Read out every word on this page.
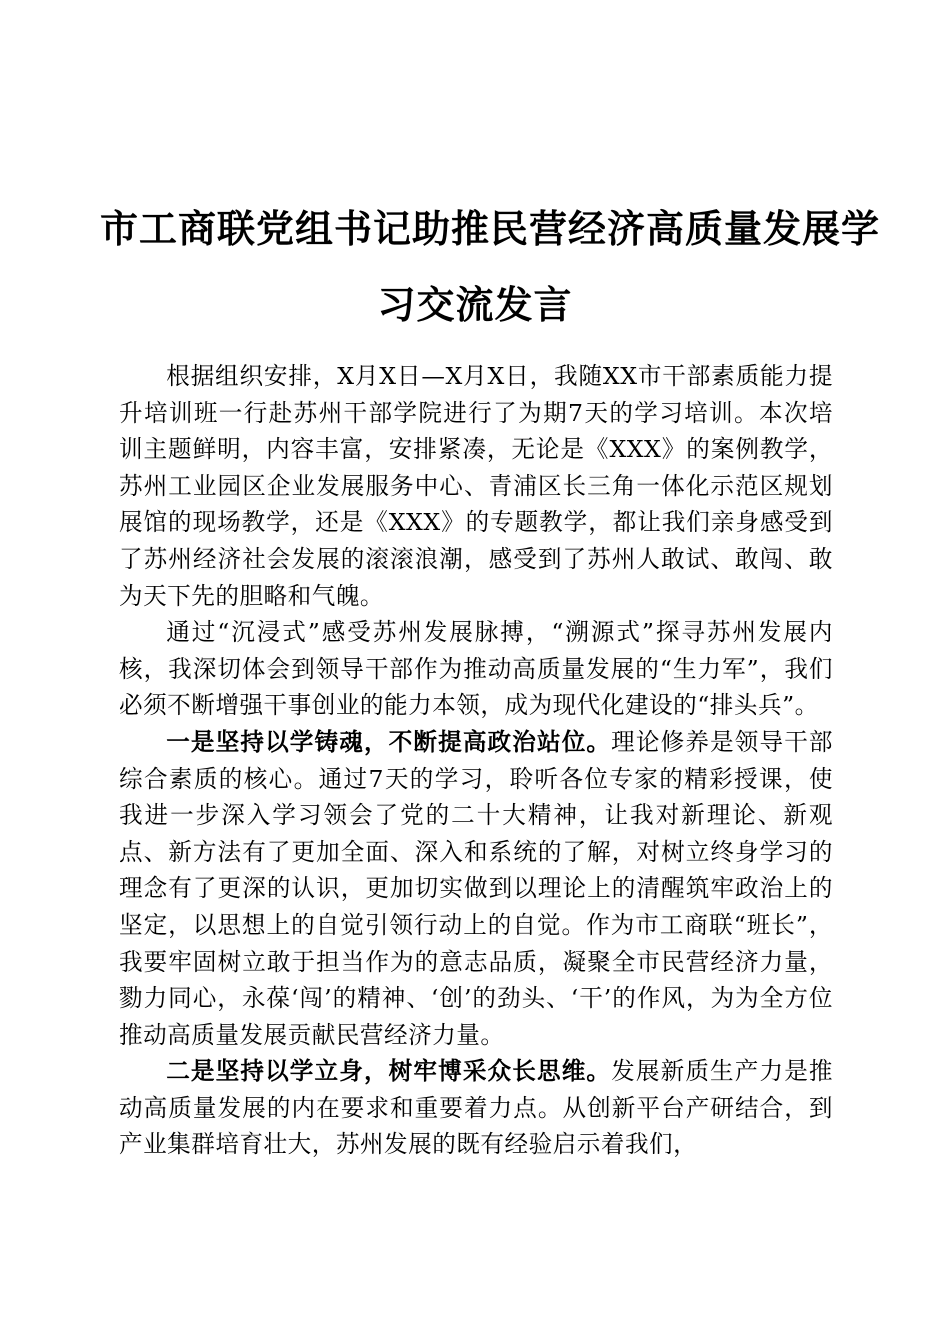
市工商联党组书记助推民营经济高质量发展学
习交流发言

根据组织安排，X月X日—X月X日，我随XX市干部素质能力提升培训班一行赴苏州干部学院进行了为期7天的学习培训。本次培训主题鲜明，内容丰富，安排紧凑，无论是《XXX》的案例教学，苏州工业园区企业发展服务中心、青浦区长三角一体化示范区规划展馆的现场教学，还是《XXX》的专题教学，都让我们亲身感受到了苏州经济社会发展的滚滚浪潮，感受到了苏州人敢试、敢闯、敢为天下先的胆略和气魄。

通过“沉浸式”感受苏州发展脉搏，“溯源式”探寻苏州发展内核，我深切体会到领导干部作为推动高质量发展的“生力军”，我们必须不断增强干事创业的能力本领，成为现代化建设的“排头兵”。

一是坚持以学铸魂，不断提高政治站位。理论修养是领导干部综合素质的核心。通过7天的学习，聆听各位专家的精彩授课，使我进一步深入学习领会了党的二十大精神，让我对新理论、新观点、新方法有了更加全面、深入和系统的了解，对树立终身学习的理念有了更深的认识，更加切实做到以理论上的清醒筑牢政治上的坚定，以思想上的自觉引领行动上的自觉。作为市工商联“班长”，我要牢固树立敢于担当作为的意志品质，凝聚全市民营经济力量，勠力同心，永葆‘闯’的精神、‘创’的劲头、‘干’的作风，为为全方位推动高质量发展贡献民营经济力量。

二是坚持以学立身，树牢博采众长思维。发展新质生产力是推动高质量发展的内在要求和重要着力点。从创新平台产研结合，到产业集群培育壮大，苏州发展的既有经验启示着我们，
